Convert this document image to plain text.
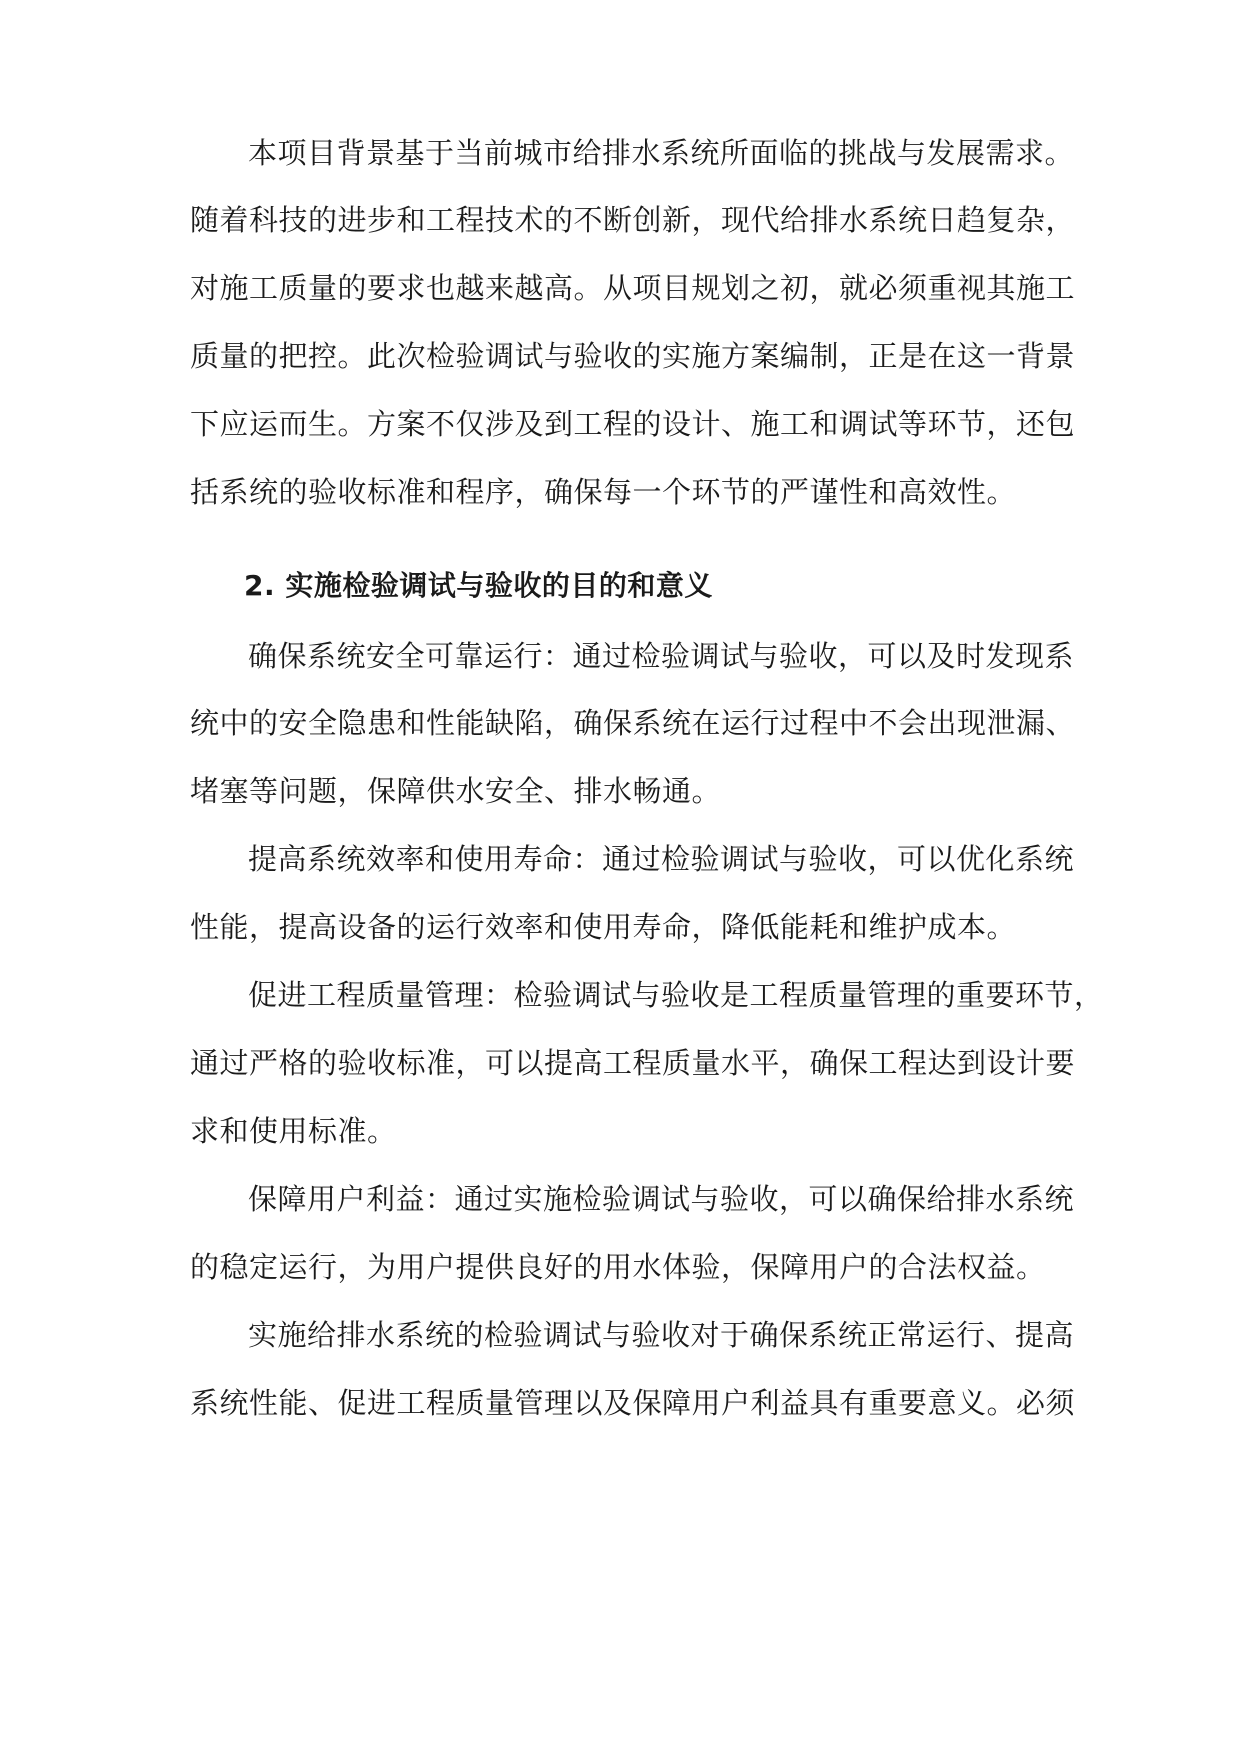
本项目背景基于当前城市给排水系统所面临的挑战与发展需求。
随着科技的进步和工程技术的不断创新，现代给排水系统日趋复杂，
对施工质量的要求也越来越高。从项目规划之初，就必须重视其施工
质量的把控。此次检验调试与验收的实施方案编制，正是在这一背景
下应运而生。方案不仅涉及到工程的设计、施工和调试等环节，还包
括系统的验收标准和程序，确保每一个环节的严谨性和高效性。
2. 实施检验调试与验收的目的和意义
确保系统安全可靠运行：通过检验调试与验收，可以及时发现系
统中的安全隐患和性能缺陷，确保系统在运行过程中不会出现泄漏、
堵塞等问题，保障供水安全、排水畅通。
提高系统效率和使用寿命：通过检验调试与验收，可以优化系统
性能，提高设备的运行效率和使用寿命，降低能耗和维护成本。
促进工程质量管理：检验调试与验收是工程质量管理的重要环节，
通过严格的验收标准，可以提高工程质量水平，确保工程达到设计要
求和使用标准。
保障用户利益：通过实施检验调试与验收，可以确保给排水系统
的稳定运行，为用户提供良好的用水体验，保障用户的合法权益。
实施给排水系统的检验调试与验收对于确保系统正常运行、提高
系统性能、促进工程质量管理以及保障用户利益具有重要意义。必须
